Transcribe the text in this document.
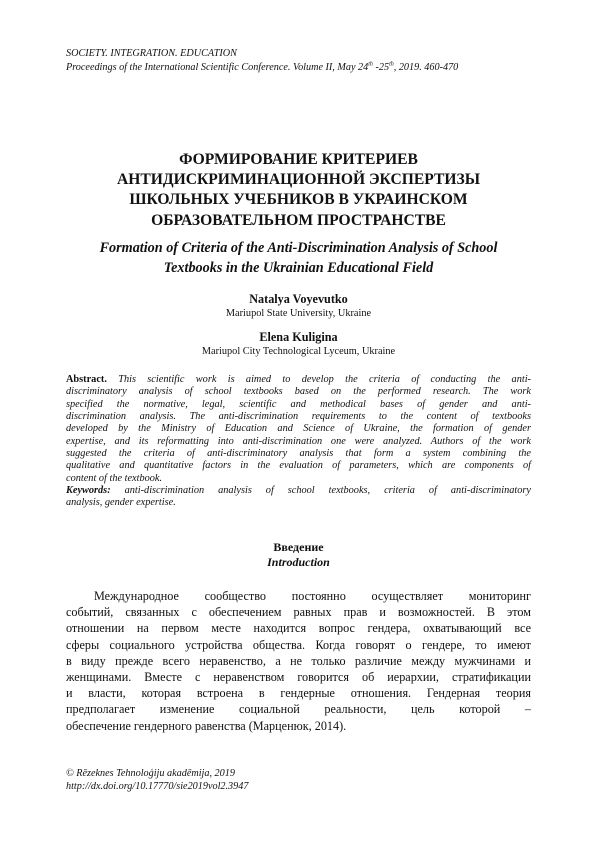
SOCIETY. INTEGRATION. EDUCATION
Proceedings of the International Scientific Conference. Volume II, May 24th -25th, 2019. 460-470
ФОРМИРОВАНИЕ КРИТЕРИЕВ
АНТИДИСКРИМИНАЦИОННОЙ ЭКСПЕРТИЗЫ
ШКОЛЬНЫХ УЧЕБНИКОВ В УКРАИНСКОМ
ОБРАЗОВАТЕЛЬНОМ ПРОСТРАНСТВЕ
Formation of Criteria of the Anti-Discrimination Analysis of School
Textbooks in the Ukrainian Educational Field
Natalya Voyevutko
Mariupol State University, Ukraine
Elena Kuligina
Mariupol City Technological Lyceum, Ukraine
Abstract. This scientific work is aimed to develop the criteria of conducting the anti-
discriminatory analysis of school textbooks based on the performed research. The work
specified the normative, legal, scientific and methodical bases of gender and anti-
discrimination analysis. The anti-discrimination requirements to the content of textbooks
developed by the Ministry of Education and Science of Ukraine, the formation of gender
expertise, and its reformatting into anti-discrimination one were analyzed. Authors of the work
suggested the criteria of anti-discriminatory analysis that form a system combining the
qualitative and quantitative factors in the evaluation of parameters, which are components of
content of the textbook.
Keywords: anti-discrimination analysis of school textbooks, criteria of anti-discriminatory
analysis, gender expertise.
Введение
Introduction
Международное сообщество постоянно осуществляет мониторинг
событий, связанных с обеспечением равных прав и возможностей. В этом
отношении на первом месте находится вопрос гендера, охватывающий все
сферы социального устройства общества. Когда говорят о гендере, то имеют
в виду прежде всего неравенство, а не только различие между мужчинами и
женщинами. Вместе с неравенством говорится об иерархии, стратификации
и власти, которая встроена в гендерные отношения. Гендерная теория
предполагает изменение социальной реальности, цель которой –
обеспечение гендерного равенства (Марценюк, 2014).
© Rēzeknes Tehnoloģiju akadēmija, 2019
http://dx.doi.org/10.17770/sie2019vol2.3947
